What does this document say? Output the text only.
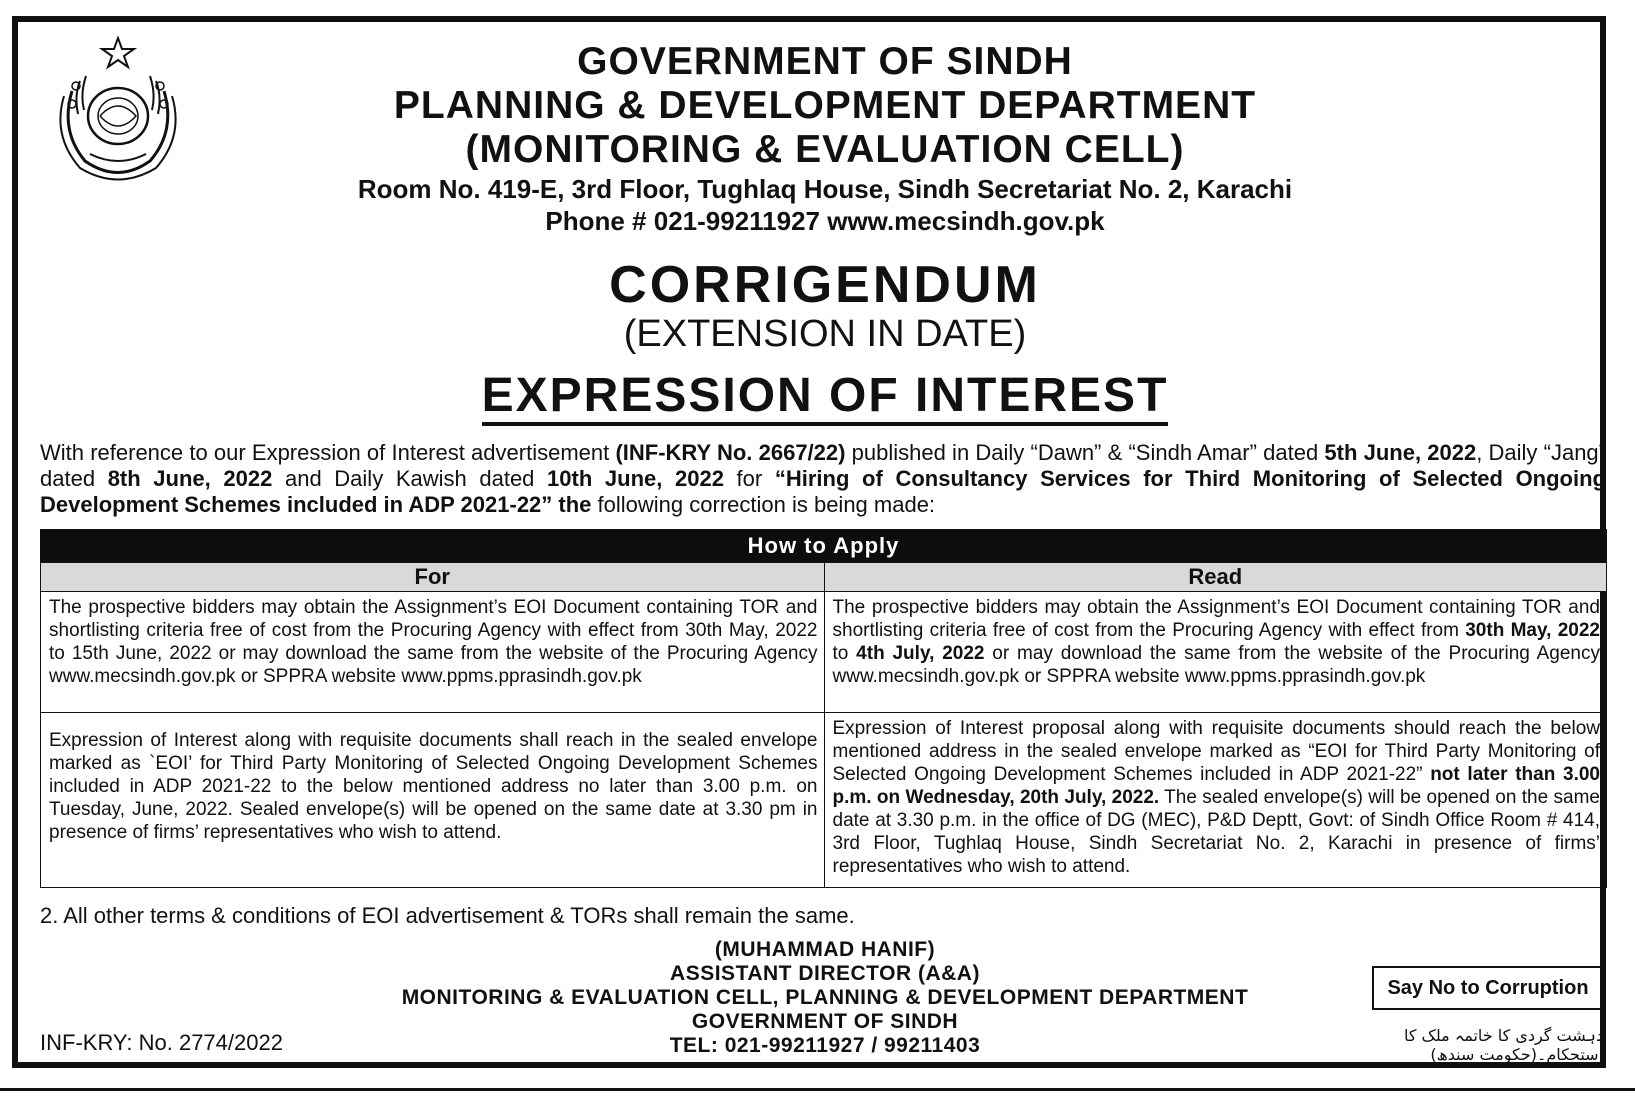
GOVERNMENT OF SINDH
PLANNING & DEVELOPMENT DEPARTMENT
(MONITORING & EVALUATION CELL)
Room No. 419-E, 3rd Floor, Tughlaq House, Sindh Secretariat No. 2, Karachi
Phone # 021-99211927 www.mecsindh.gov.pk
CORRIGENDUM
(EXTENSION IN DATE)
EXPRESSION OF INTEREST
With reference to our Expression of Interest advertisement (INF-KRY No. 2667/22) published in Daily “Dawn” & “Sindh Amar” dated 5th June, 2022, Daily “Jang” dated 8th June, 2022 and Daily Kawish dated 10th June, 2022 for “Hiring of Consultancy Services for Third Monitoring of Selected Ongoing Development Schemes included in ADP 2021-22” the following correction is being made:
How to Apply
For	Read
The prospective bidders may obtain the Assignment’s EOI Document containing TOR and shortlisting criteria free of cost from the Procuring Agency with effect from 30th May, 2022 to 15th June, 2022 or may download the same from the website of the Procuring Agency www.mecsindh.gov.pk or SPPRA website www.ppms.pprasindh.gov.pk
The prospective bidders may obtain the Assignment’s EOI Document containing TOR and shortlisting criteria free of cost from the Procuring Agency with effect from 30th May, 2022 to 4th July, 2022 or may download the same from the website of the Procuring Agency www.mecsindh.gov.pk or SPPRA website www.ppms.pprasindh.gov.pk
Expression of Interest along with requisite documents shall reach in the sealed envelope marked as `EOI’ for Third Party Monitoring of Selected Ongoing Development Schemes included in ADP 2021-22 to the below mentioned address no later than 3.00 p.m. on Tuesday, June, 2022. Sealed envelope(s) will be opened on the same date at 3.30 pm in presence of firms’ representatives who wish to attend.
Expression of Interest proposal along with requisite documents should reach the below mentioned address in the sealed envelope marked as “EOI for Third Party Monitoring of Selected Ongoing Development Schemes included in ADP 2021-22” not later than 3.00 p.m. on Wednesday, 20th July, 2022. The sealed envelope(s) will be opened on the same date at 3.30 p.m. in the office of DG (MEC), P&D Deptt, Govt: of Sindh Office Room # 414, 3rd Floor, Tughlaq House, Sindh Secretariat No. 2, Karachi in presence of firms’ representatives who wish to attend.
2. All other terms & conditions of EOI advertisement & TORs shall remain the same.
(MUHAMMAD HANIF)
ASSISTANT DIRECTOR (A&A)
MONITORING & EVALUATION CELL, PLANNING & DEVELOPMENT DEPARTMENT
GOVERNMENT OF SINDH
TEL: 021-99211927 / 99211403
INF-KRY: No. 2774/2022
Say No to Corruption
دہشت گردی کا خاتمہ ملک کا استحکام۔(حکومت سندھ)
